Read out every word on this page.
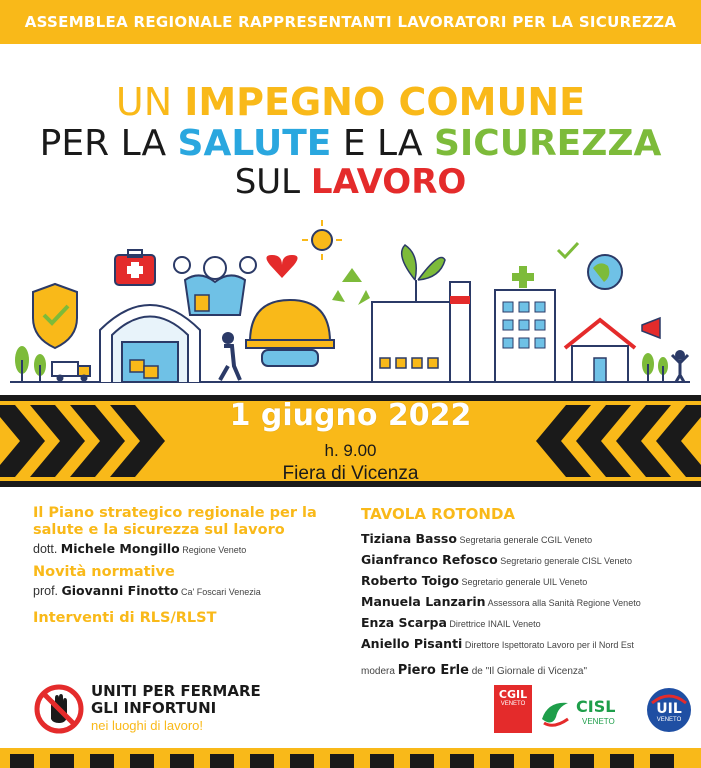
ASSEMBLEA REGIONALE RAPPRESENTANTI LAVORATORI PER LA SICUREZZA
UN IMPEGNO COMUNE
PER LA SALUTE E LA SICUREZZA
SUL LAVORO
1 giugno 2022
h. 9.00
Fiera di Vicenza
Il Piano strategico regionale per la salute e la sicurezza sul lavoro
dott. Michele Mongillo Regione Veneto
Novità normative
prof. Giovanni Finotto Ca' Foscari Venezia
Interventi di RLS/RLST
TAVOLA ROTONDA
Tiziana Basso Segretaria generale CGIL Veneto
Gianfranco Refosco Segretario generale CISL Veneto
Roberto Toigo Segretario generale UIL Veneto
Manuela Lanzarin Assessora alla Sanità Regione Veneto
Enza Scarpa Direttrice INAIL Veneto
Aniello Pisanti Direttore Ispettorato Lavoro per il Nord Est
modera Piero Erle de "Il Giornale di Vicenza"
UNITI PER FERMARE
GLI INFORTUNI
nei luoghi di lavoro!
CGIL
VENETO	CISL
VENETO
UIL
VENETO
